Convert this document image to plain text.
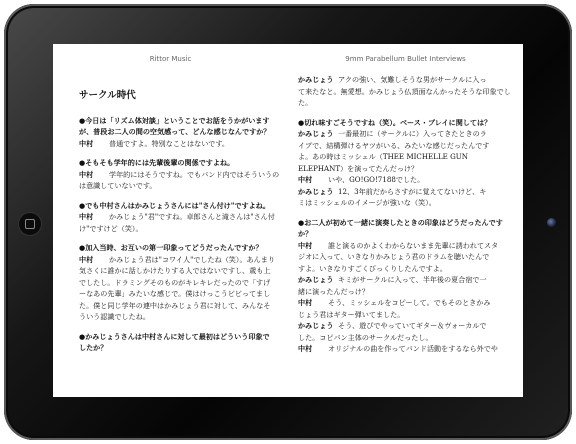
Rittor Music
サークル時代
●今日は「リズム体対談」ということでお話をうかがいます
が、普段お二人の間の空気感って、どんな感じなんですか？
中村 普通ですよ。特別なことはないです。
●そもそも学年的には先輩後輩の関係ですよね。
中村 学年的にはそうですね。でもバンド内ではそういうの
は意識していないです。
●でも中村さんはかみじょうさんには"さん付け"ですよね。
中村 かみじょう"君"ですね。卓郎さんと滝さんは"さん付
け"ですけど（笑）。
●加入当時、お互いの第一印象ってどうだったんですか？
中村 かみじょう君は"コワイ人"でしたね（笑）。あんまり
気さくに誰かに話しかけたりする人ではないですし、歳も上
でしたし。ドラミングそのものがキレキレだったので「すげ
ーなあの先輩」みたいな感じで。僕はけっこうビビってまし
た。僕と同じ学年の連中はかみじょう君に対して、みんなそ
ういう認識でしたね。
●かみじょうさんは中村さんに対して最初はどういう印象で
したか？
9mm Parabellum Bullet Interviews
かみじょう アクの強い、気難しそうな男がサークルに入っ
て来たなと。無愛想。かみじょう仏頂面なんかったそうな印象でし
た。
●切れ味すごそうですね（笑）。ベース・プレイに関しては？
かみじょう 一番最初に（サークルに）入ってきたときのラ
イブで、結構弾けるヤツがいる、みたいな感じだったんです
よ。あの時はミッシェル（THEE MICHELLE GUN
ELEPHANT）を演ってたんだっけ？
中村 いや、GO!GO!7188でした。
かみじょう 12、3年前だからさすがに覚えてないけど、キ
ミはミッシェルのイメージが強いな（笑）。
●お二人が初めて一緒に演奏したときの印象はどうだったんですか？
中村 誰と演るのかよくわからないまま先輩に誘われてスタ
ジオに入って、いきなりかみじょう君のドラムを聴いたんで
すよ。いきなりすごくびっくりしたんですよ。
かみじょう キミがサークルに入って、半年後の夏合宿で一
緒に演ったんだっけ？
中村 そう、ミッシェルをコピーして。でもそのときかみ
じょう君はギター弾いてました。
かみじょう そう、遊びでやっていてギター＆ヴォーカルで
した。コピバン主体のサークルだったし。
中村 オリジナルの曲を作ってバンド活動をするなら外でや
